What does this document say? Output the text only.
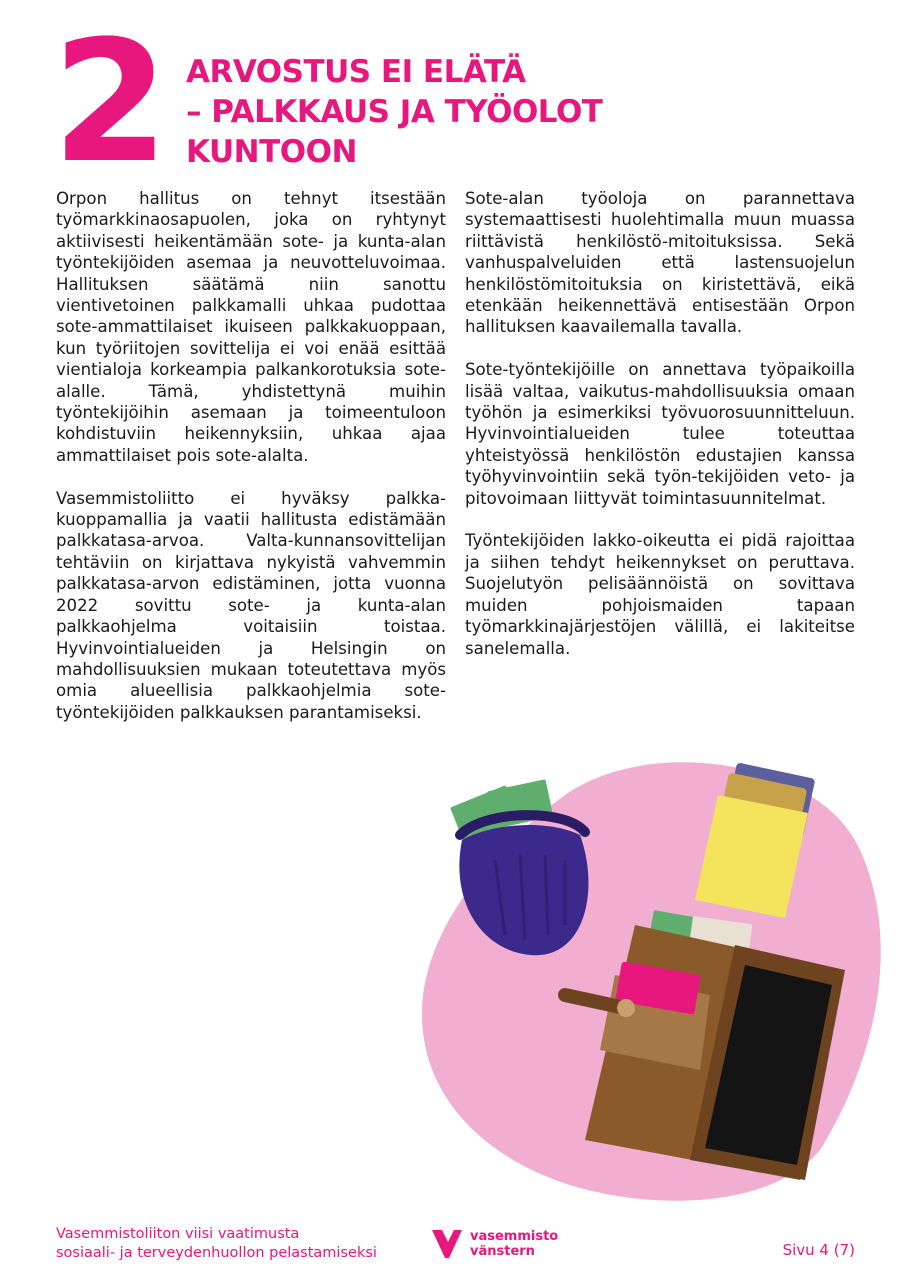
2 ARVOSTUS EI ELÄTÄ
– PALKKAUS JA TYÖOLOT
KUNTOON

Orpon hallitus on tehnyt itsestään työmarkkinaosapuolen, joka on ryhtynyt aktiivisesti heikentämään sote- ja kunta-alan työntekijöiden asemaa ja neuvotteluvoimaa. Hallituksen säätämä niin sanottu vientivetoinen palkkamalli uhkaa pudottaa sote-ammattilaiset ikuiseen palkkakuoppaan, kun työriitojen sovittelija ei voi enää esittää vientialoja korkeampia palkankorotuksia sote-alalle. Tämä, yhdistettynä muihin työntekijöihin asemaan ja toimeentuloon kohdistuviin heikennyksiin, uhkaa ajaa ammattilaiset pois sote-alalta.

Vasemmistoliitto ei hyväksy palkka-kuoppamallia ja vaatii hallitusta edistämään palkkatasa-arvoa. Valta-kunnansovittelijan tehtäviin on kirjattava nykyistä vahvemmin palkkatasa-arvon edistäminen, jotta vuonna 2022 sovittu sote- ja kunta-alan palkkaohjelma voitaisiin toistaa. Hyvinvointialueiden ja Helsingin on mahdollisuuksien mukaan toteutettava myös omia alueellisia palkkaohjelmia sote-työntekijöiden palkkauksen parantamiseksi.

Sote-alan työoloja on parannettava systemaattisesti huolehtimalla muun muassa riittävistä henkilöstö-mitoituksissa. Sekä vanhuspalveluiden että lastensuojelun henkilöstömitoituksia on kiristettävä, eikä etenkään heikennettävä entisestään Orpon hallituksen kaavailemalla tavalla.

Sote-työntekijöille on annettava työpaikoilla lisää valtaa, vaikutus-mahdollisuuksia omaan työhön ja esimerkiksi työvuorosuunnitteluun. Hyvinvointialueiden tulee toteuttaa yhteistyössä henkilöstön edustajien kanssa työhyvinvointiin sekä työn-tekijöiden veto- ja pitovoimaan liittyvät toimintasuunnitelmat.

Työntekijöiden lakko-oikeutta ei pidä rajoittaa ja siihen tehdyt heikennykset on peruttava. Suojelutyön pelisäännöistä on sovittava muiden pohjoismaiden tapaan työmarkkinajärjestöjen välillä, ei lakiteitse sanelemalla.

Vasemmistoliiton viisi vaatimusta
sosiaali- ja terveydenhuollon pelastamiseksi
vasemmisto
vänstern	Sivu 4 (7)
